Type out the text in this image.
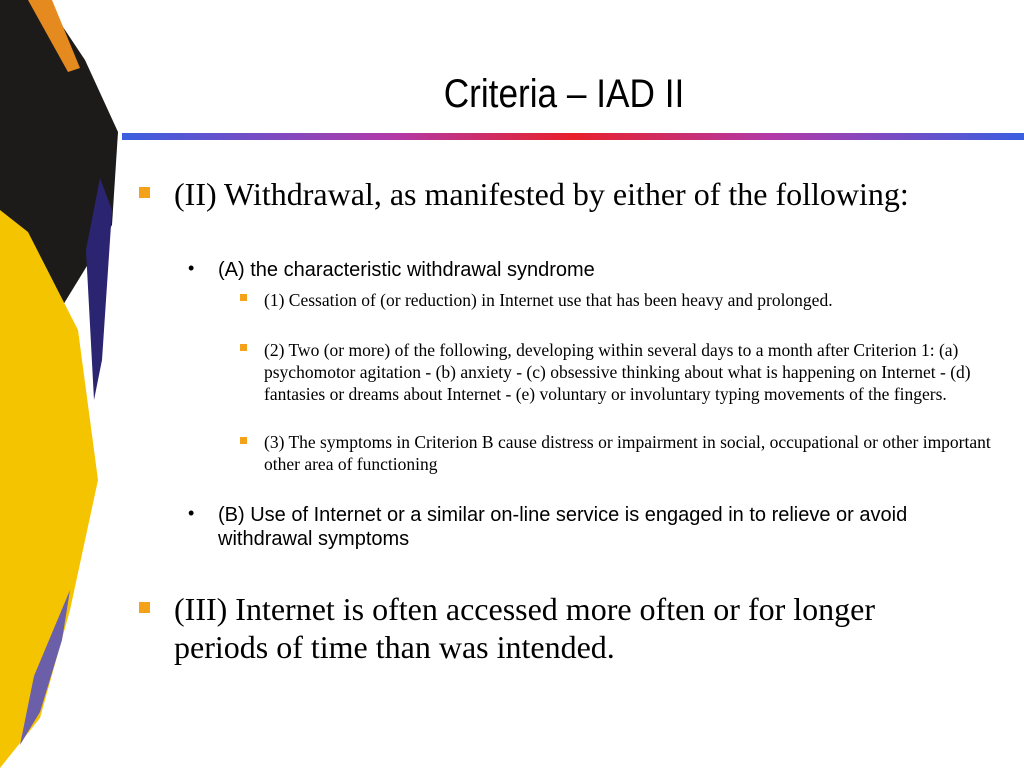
Criteria – IAD II
(II) Withdrawal, as manifested by either of the following:
• (A) the characteristic withdrawal syndrome
(1) Cessation of (or reduction) in Internet use that has been heavy and prolonged.
(2) Two (or more) of the following, developing within several days to a month after Criterion 1: (a) psychomotor agitation - (b) anxiety - (c) obsessive thinking about what is happening on Internet - (d) fantasies or dreams about Internet - (e) voluntary or involuntary typing movements of the fingers.
(3) The symptoms in Criterion B cause distress or impairment in social, occupational or other important other area of functioning
• (B) Use of Internet or a similar on-line service is engaged in to relieve or avoid withdrawal symptoms
(III) Internet is often accessed more often or for longer periods of time than was intended.
